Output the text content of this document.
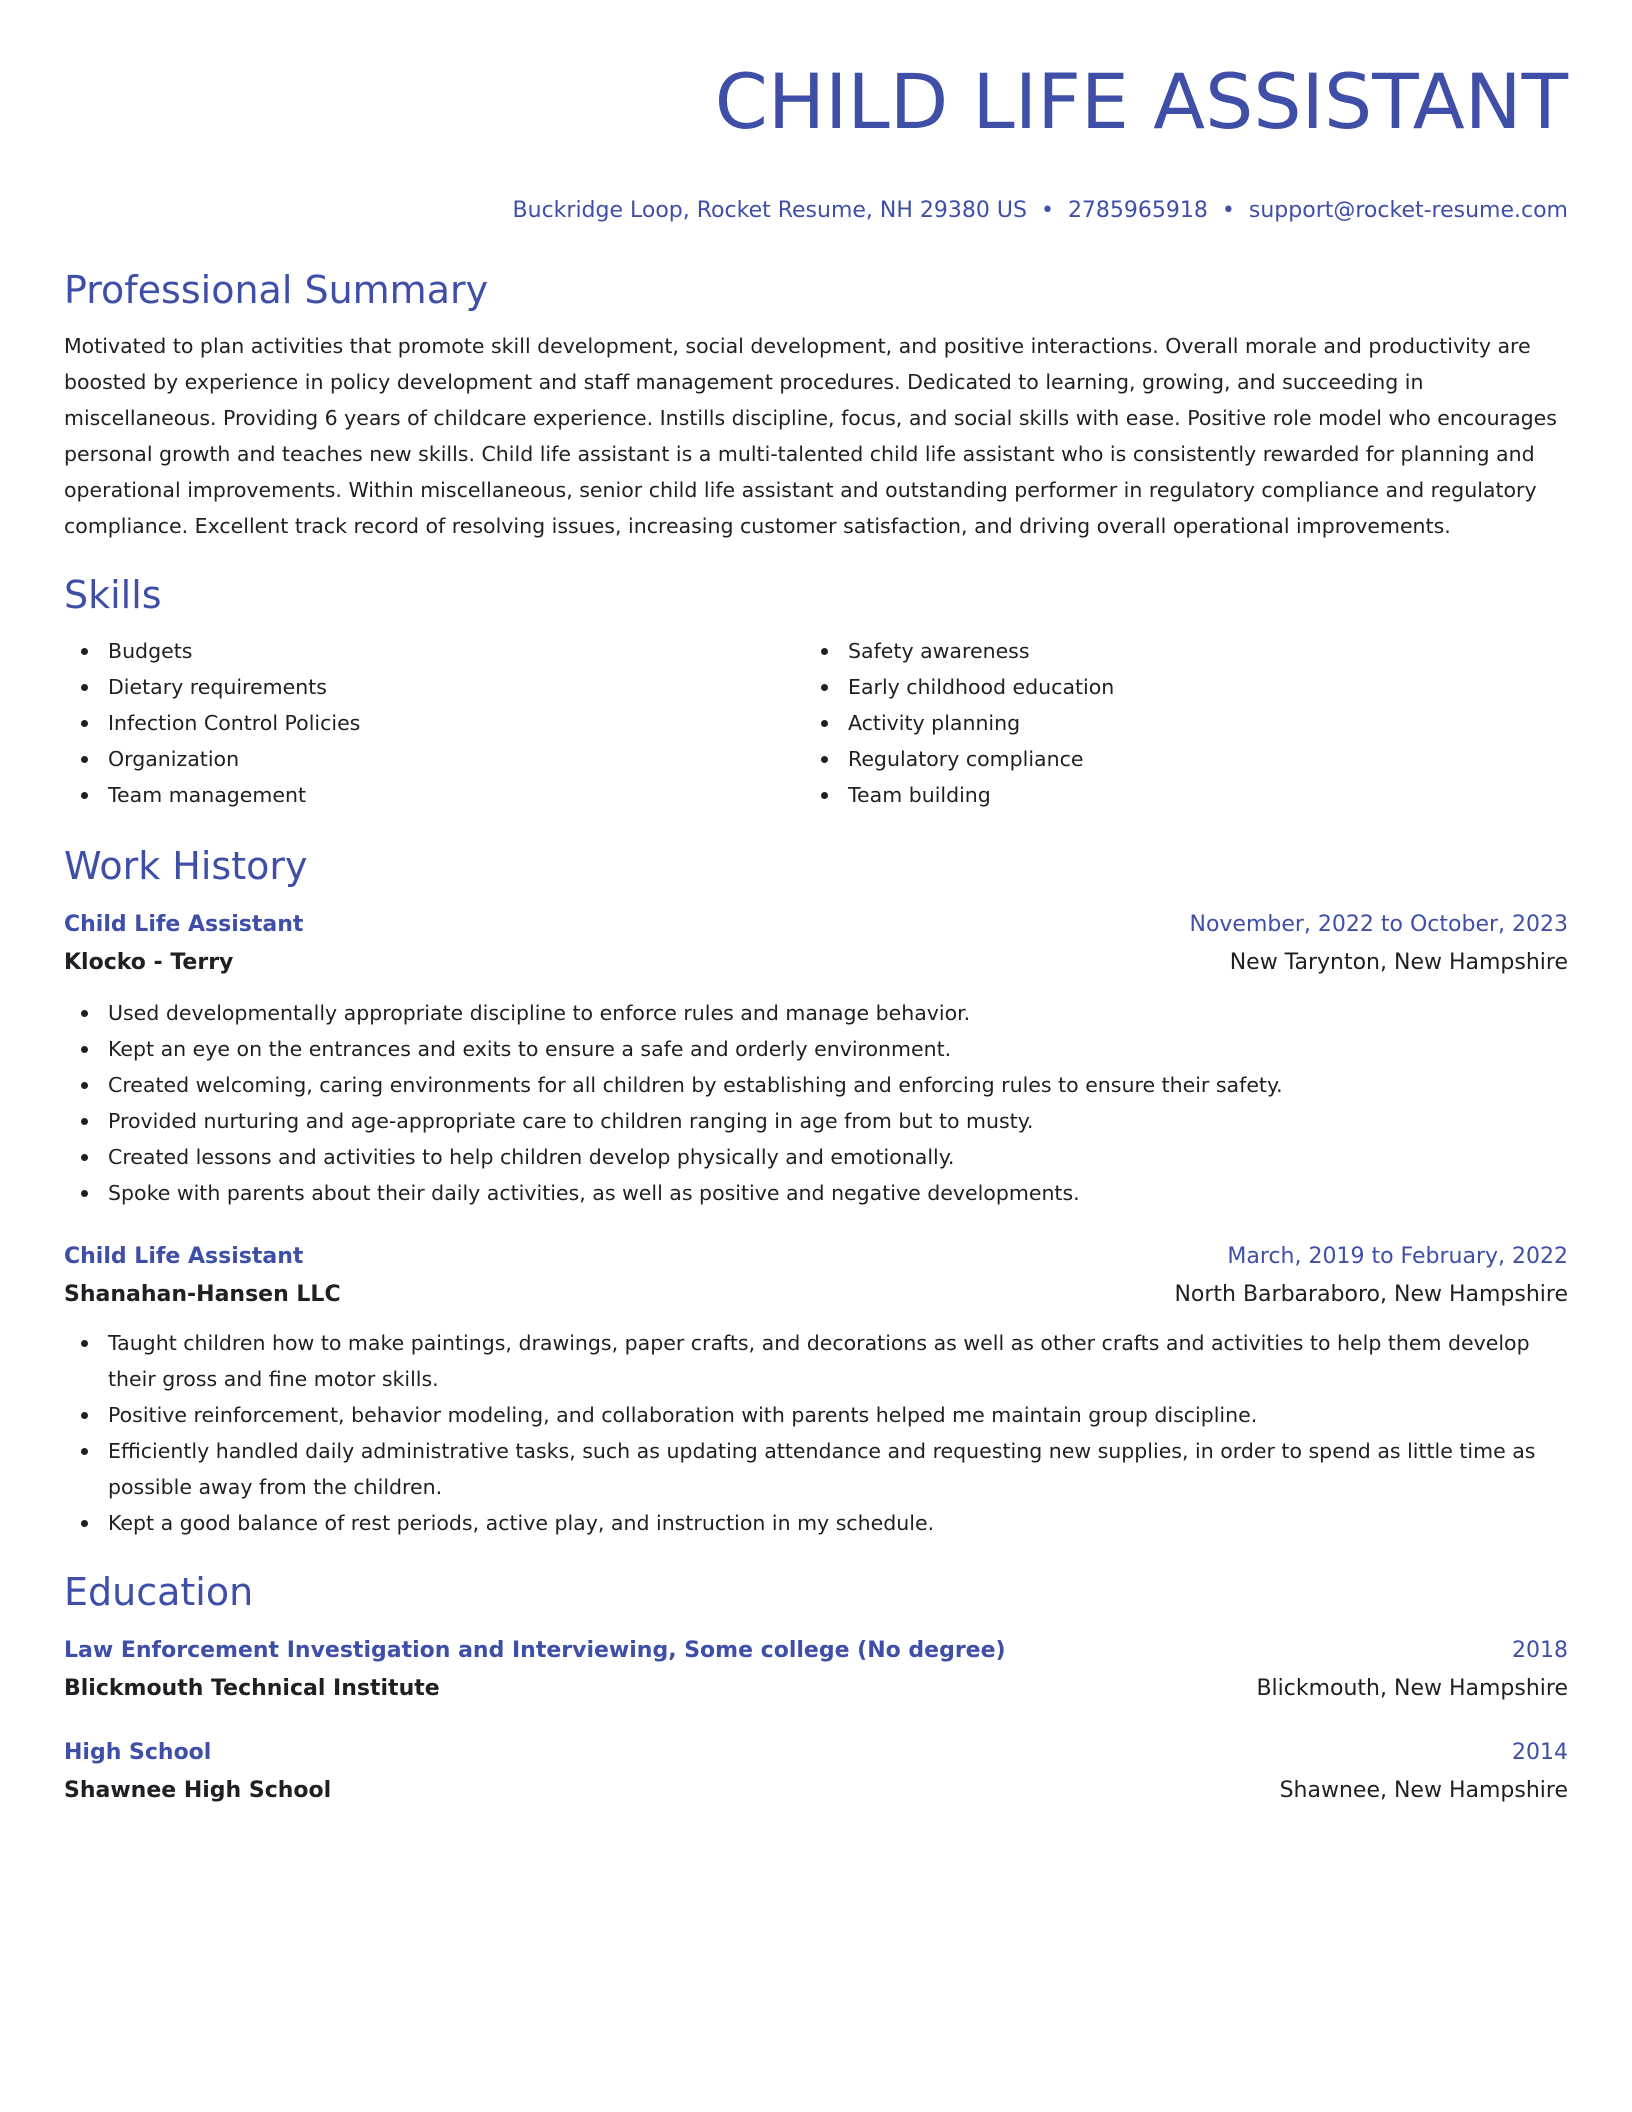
CHILD LIFE ASSISTANT
Buckridge Loop, Rocket Resume, NH 29380 US • 2785965918 • support@rocket-resume.com
Professional Summary
Motivated to plan activities that promote skill development, social development, and positive interactions. Overall morale and productivity are boosted by experience in policy development and staff management procedures. Dedicated to learning, growing, and succeeding in miscellaneous. Providing 6 years of childcare experience. Instills discipline, focus, and social skills with ease. Positive role model who encourages personal growth and teaches new skills. Child life assistant is a multi-talented child life assistant who is consistently rewarded for planning and operational improvements. Within miscellaneous, senior child life assistant and outstanding performer in regulatory compliance and regulatory compliance. Excellent track record of resolving issues, increasing customer satisfaction, and driving overall operational improvements.
Skills
Budgets
Dietary requirements
Infection Control Policies
Organization
Team management
Safety awareness
Early childhood education
Activity planning
Regulatory compliance
Team building
Work History
Child Life Assistant	November, 2022 to October, 2023
Klocko - Terry	New Tarynton, New Hampshire
Used developmentally appropriate discipline to enforce rules and manage behavior.
Kept an eye on the entrances and exits to ensure a safe and orderly environment.
Created welcoming, caring environments for all children by establishing and enforcing rules to ensure their safety.
Provided nurturing and age-appropriate care to children ranging in age from but to musty.
Created lessons and activities to help children develop physically and emotionally.
Spoke with parents about their daily activities, as well as positive and negative developments.
Child Life Assistant	March, 2019 to February, 2022
Shanahan-Hansen LLC	North Barbaraboro, New Hampshire
Taught children how to make paintings, drawings, paper crafts, and decorations as well as other crafts and activities to help them develop their gross and fine motor skills.
Positive reinforcement, behavior modeling, and collaboration with parents helped me maintain group discipline.
Efficiently handled daily administrative tasks, such as updating attendance and requesting new supplies, in order to spend as little time as possible away from the children.
Kept a good balance of rest periods, active play, and instruction in my schedule.
Education
Law Enforcement Investigation and Interviewing, Some college (No degree)	2018
Blickmouth Technical Institute	Blickmouth, New Hampshire
High School	2014
Shawnee High School	Shawnee, New Hampshire
